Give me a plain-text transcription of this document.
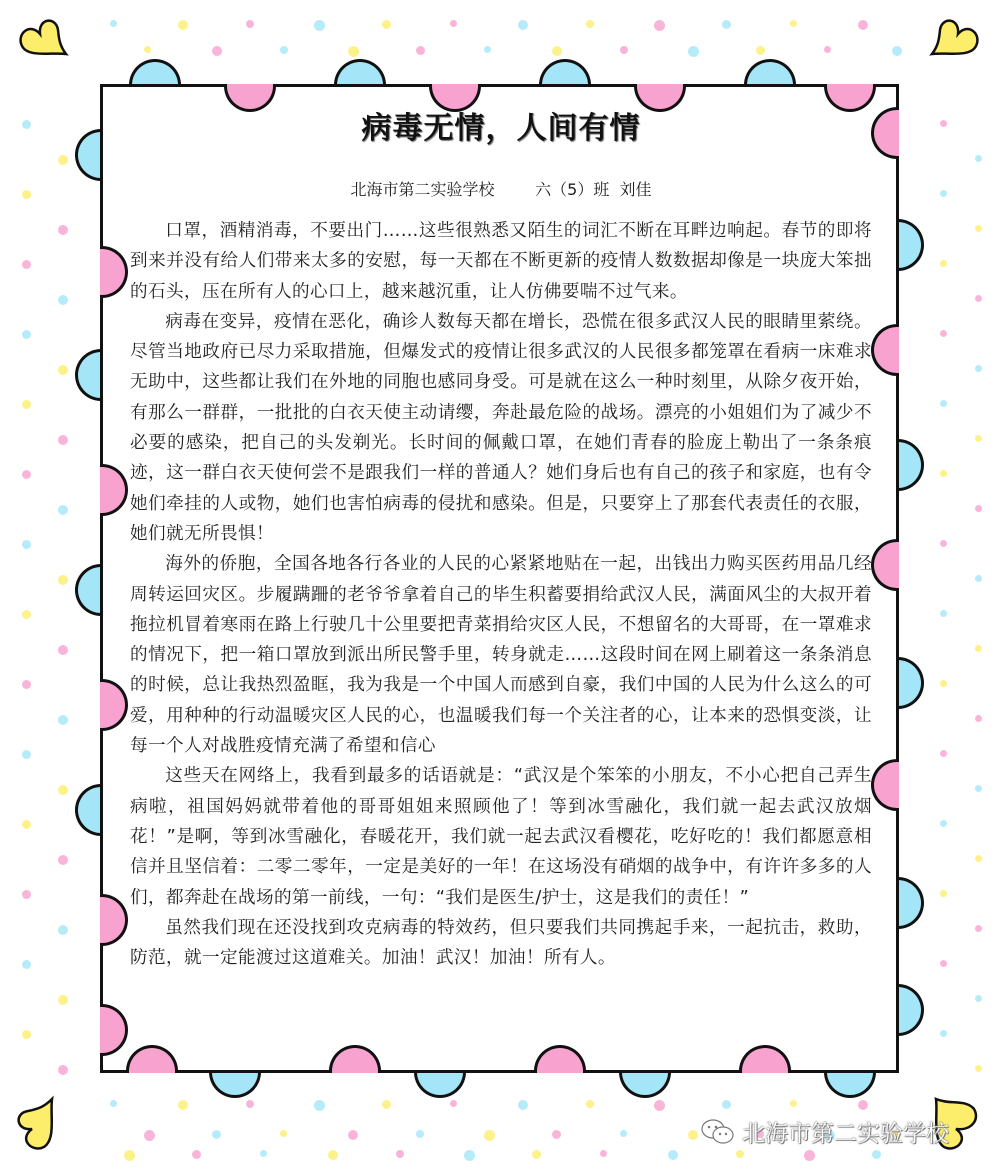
病毒无情，人间有情
北海市第二实验学校        六（5）班  刘佳

口罩，酒精消毒，不要出门……这些很熟悉又陌生的词汇不断在耳畔边响起。春节的即将到来并没有给人们带来太多的安慰，每一天都在不断更新的疫情人数数据却像是一块庞大笨拙的石头，压在所有人的心口上，越来越沉重，让人仿佛要喘不过气来。

病毒在变异，疫情在恶化，确诊人数每天都在增长，恐慌在很多武汉人民的眼睛里萦绕。尽管当地政府已尽力采取措施，但爆发式的疫情让很多武汉的人民很多都笼罩在看病一床难求无助中，这些都让我们在外地的同胞也感同身受。可是就在这么一种时刻里，从除夕夜开始，有那么一群群，一批批的白衣天使主动请缨，奔赴最危险的战场。漂亮的小姐姐们为了减少不必要的感染，把自己的头发剃光。长时间的佩戴口罩，在她们青春的脸庞上勒出了一条条痕迹，这一群白衣天使何尝不是跟我们一样的普通人？她们身后也有自己的孩子和家庭，也有令她们牵挂的人或物，她们也害怕病毒的侵扰和感染。但是，只要穿上了那套代表责任的衣服，她们就无所畏惧！

海外的侨胞，全国各地各行各业的人民的心紧紧地贴在一起，出钱出力购买医药用品几经周转运回灾区。步履蹒跚的老爷爷拿着自己的毕生积蓄要捐给武汉人民，满面风尘的大叔开着拖拉机冒着寒雨在路上行驶几十公里要把青菜捐给灾区人民，不想留名的大哥哥，在一罩难求的情况下，把一箱口罩放到派出所民警手里，转身就走……这段时间在网上刷着这一条条消息的时候，总让我热烈盈眶，我为我是一个中国人而感到自豪，我们中国的人民为什么这么的可爱，用种种的行动温暖灾区人民的心，也温暖我们每一个关注者的心，让本来的恐惧变淡，让每一个人对战胜疫情充满了希望和信心

这些天在网络上，我看到最多的话语就是：“武汉是个笨笨的小朋友，不小心把自己弄生病啦，祖国妈妈就带着他的哥哥姐姐来照顾他了！等到冰雪融化，我们就一起去武汉放烟花！”是啊，等到冰雪融化，春暖花开，我们就一起去武汉看樱花，吃好吃的！我们都愿意相信并且坚信着：二零二零年，一定是美好的一年！在这场没有硝烟的战争中，有许许多多的人们，都奔赴在战场的第一前线，一句：“我们是医生/护士，这是我们的责任！”

虽然我们现在还没找到攻克病毒的特效药，但只要我们共同携起手来，一起抗击，救助，防范，就一定能渡过这道难关。加油！武汉！加油！所有人。

北海市第二实验学校
